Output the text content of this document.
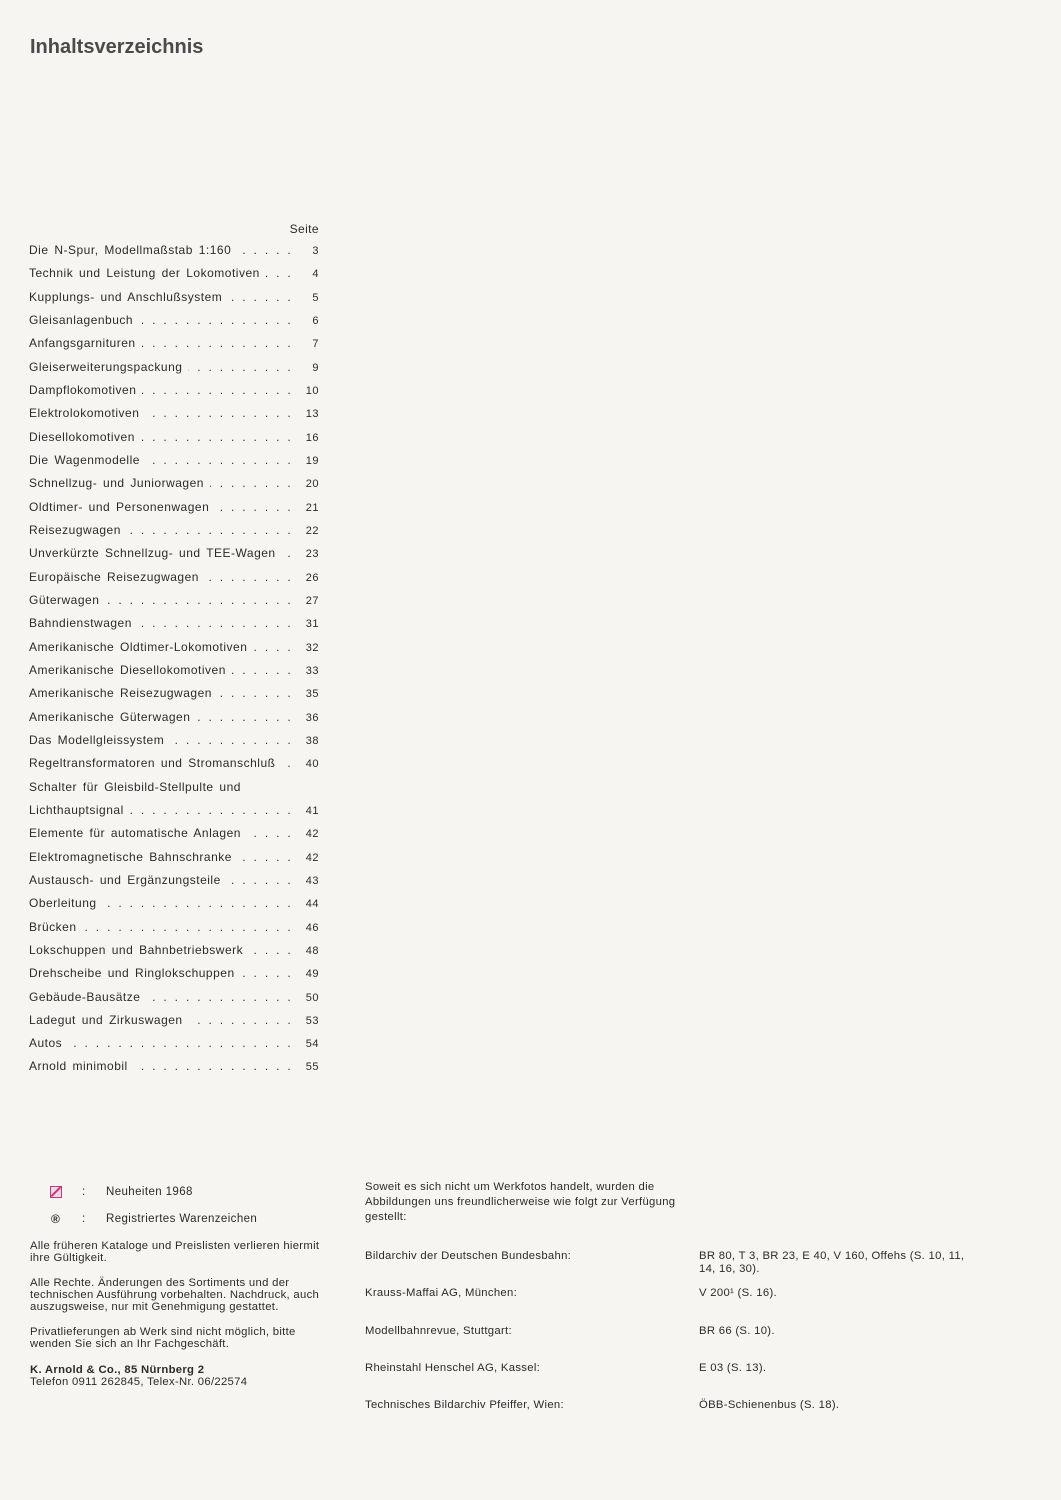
Inhaltsverzeichnis
Seite
Die N-Spur, Modellmaßstab 1:160 . . .	3
Technik und Leistung der Lokomotiven . . .	4
Kupplungs- und Anschlußsystem . . .	5
Gleisanlagenbuch . . .	6
Anfangsgarnituren . . .	7
Gleiserweiterungspackung . . .	9
Dampflokomotiven . . .	10
Elektrolokomotiven . . .	13
Diesellokomotiven . . .	16
Die Wagenmodelle . . .	19
Schnellzug- und Juniorwagen . . .	20
Oldtimer- und Personenwagen . . .	21
Reisezugwagen . . .	22
Unverkürzte Schnellzug- und TEE-Wagen . . .	23
Europäische Reisezugwagen . . .	26
Güterwagen . . .	27
Bahndienstwagen . . .	31
Amerikanische Oldtimer-Lokomotiven . . .	32
Amerikanische Diesellokomotiven . . .	33
Amerikanische Reisezugwagen . . .	35
Amerikanische Güterwagen . . .	36
Das Modellgleissystem . . .	38
Regeltransformatoren und Stromanschluß . . .	40
Schalter für Gleisbild-Stellpulte und
Lichthauptsignal . . .	41
Elemente für automatische Anlagen . . .	42
Elektromagnetische Bahnschranke . . .	42
Austausch- und Ergänzungsteile . . .	43
Oberleitung . . .	44
Brücken . . .	46
Lokschuppen und Bahnbetriebswerk . . .	48
Drehscheibe und Ringlokschuppen . . .	49
Gebäude-Bausätze . . .	50
Ladegut und Zirkuswagen . . .	53
Autos . . .	54
Arnold minimobil . . .	55
:	Neuheiten 1968
®	:	Registriertes Warenzeichen

Alle früheren Kataloge und Preislisten verlieren hiermit ihre Gültigkeit.

Alle Rechte. Änderungen des Sortiments und der technischen Ausführung vorbehalten. Nachdruck, auch auszugsweise, nur mit Genehmigung gestattet.

Privatlieferungen ab Werk sind nicht möglich, bitte wenden Sie sich an Ihr Fachgeschäft.

K. Arnold & Co., 85 Nürnberg 2
Telefon 0911 262845, Telex-Nr. 06/22574
Soweit es sich nicht um Werkfotos handelt, wurden die Abbildungen uns freundlicherweise wie folgt zur Verfügung gestellt:
Bildarchiv der Deutschen Bundesbahn:	BR 80, T 3, BR 23, E 40, V 160, Offehs (S. 10, 11, 14, 16, 30).
Krauss-Maffai AG, München:	V 200¹ (S. 16).
Modellbahnrevue, Stuttgart:	BR 66 (S. 10).
Rheinstahl Henschel AG, Kassel:	E 03 (S. 13).
Technisches Bildarchiv Pfeiffer, Wien:	ÖBB-Schienenbus (S. 18).
